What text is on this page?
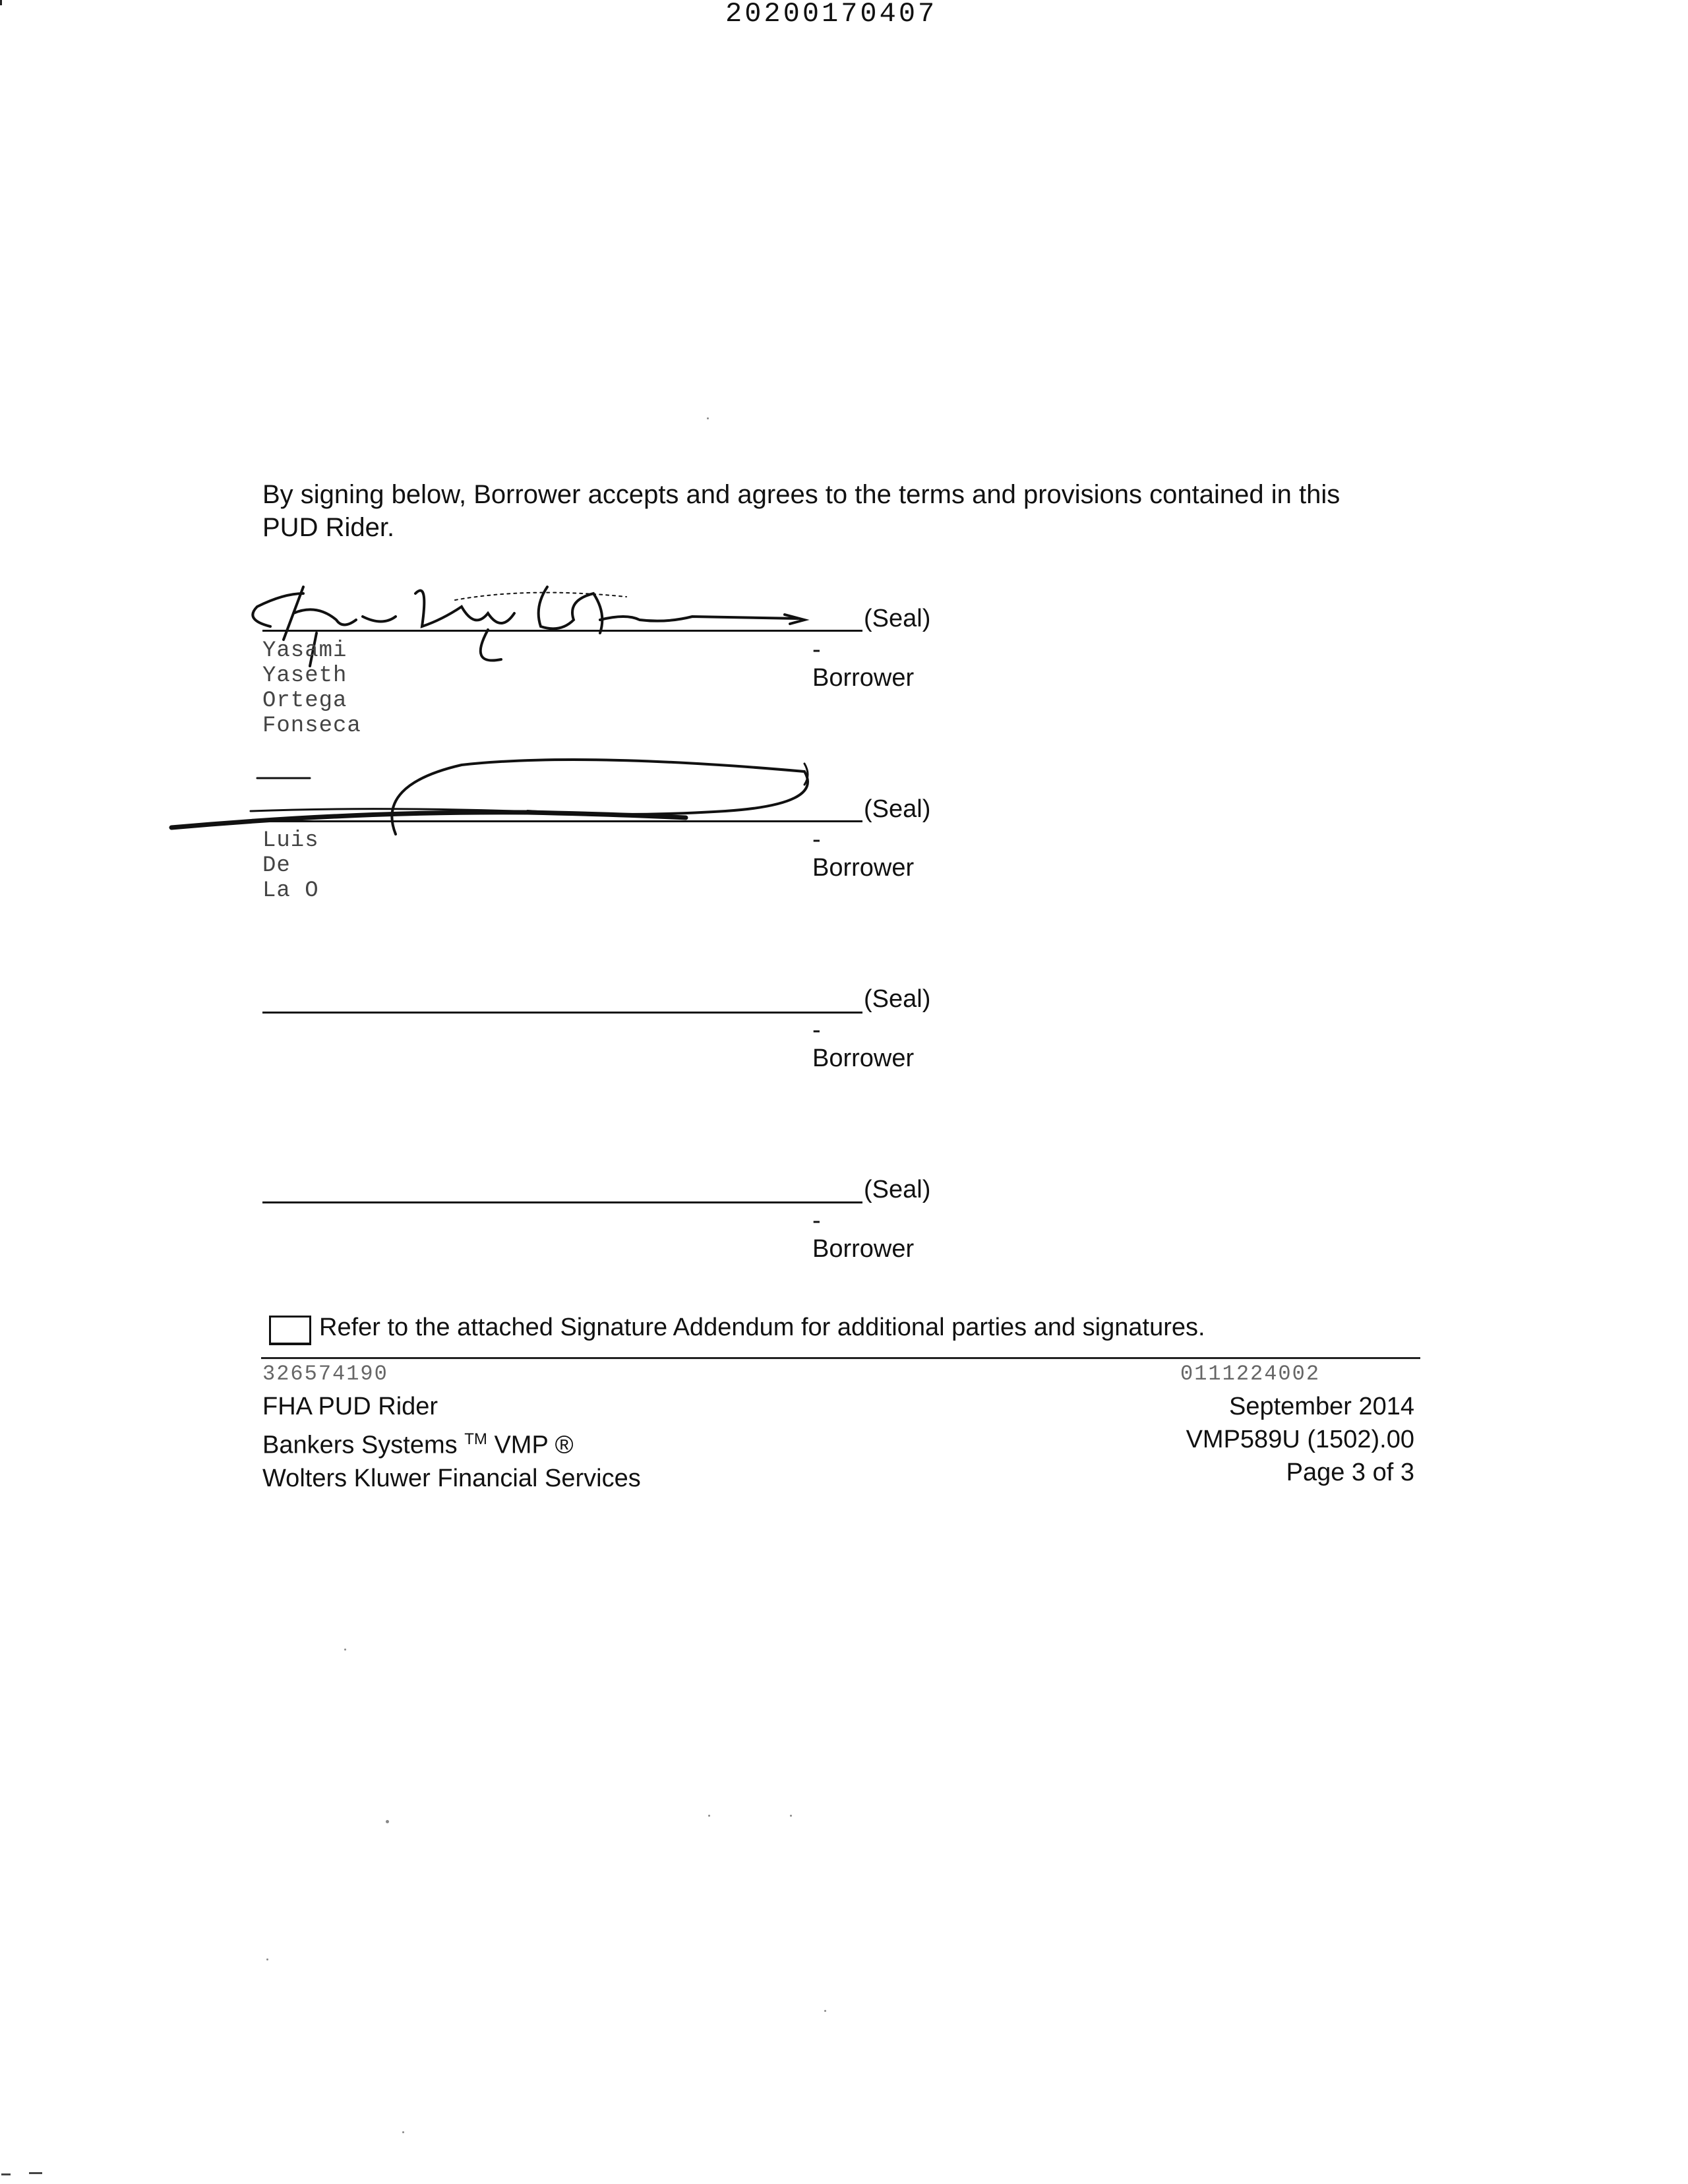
20200170407
By signing below, Borrower accepts and agrees to the terms and provisions contained in this PUD Rider.
(Seal)
Yasami Yaseth Ortega Fonseca
-Borrower
(Seal)
Luis De La O
-Borrower
(Seal)
-Borrower
(Seal)
-Borrower
Refer to the attached Signature Addendum for additional parties and signatures.
326574190	0111224002
FHA PUD Rider
Bankers Systems ™ VMP ®
Wolters Kluwer Financial Services
September 2014
VMP589U (1502).00
Page 3 of 3
